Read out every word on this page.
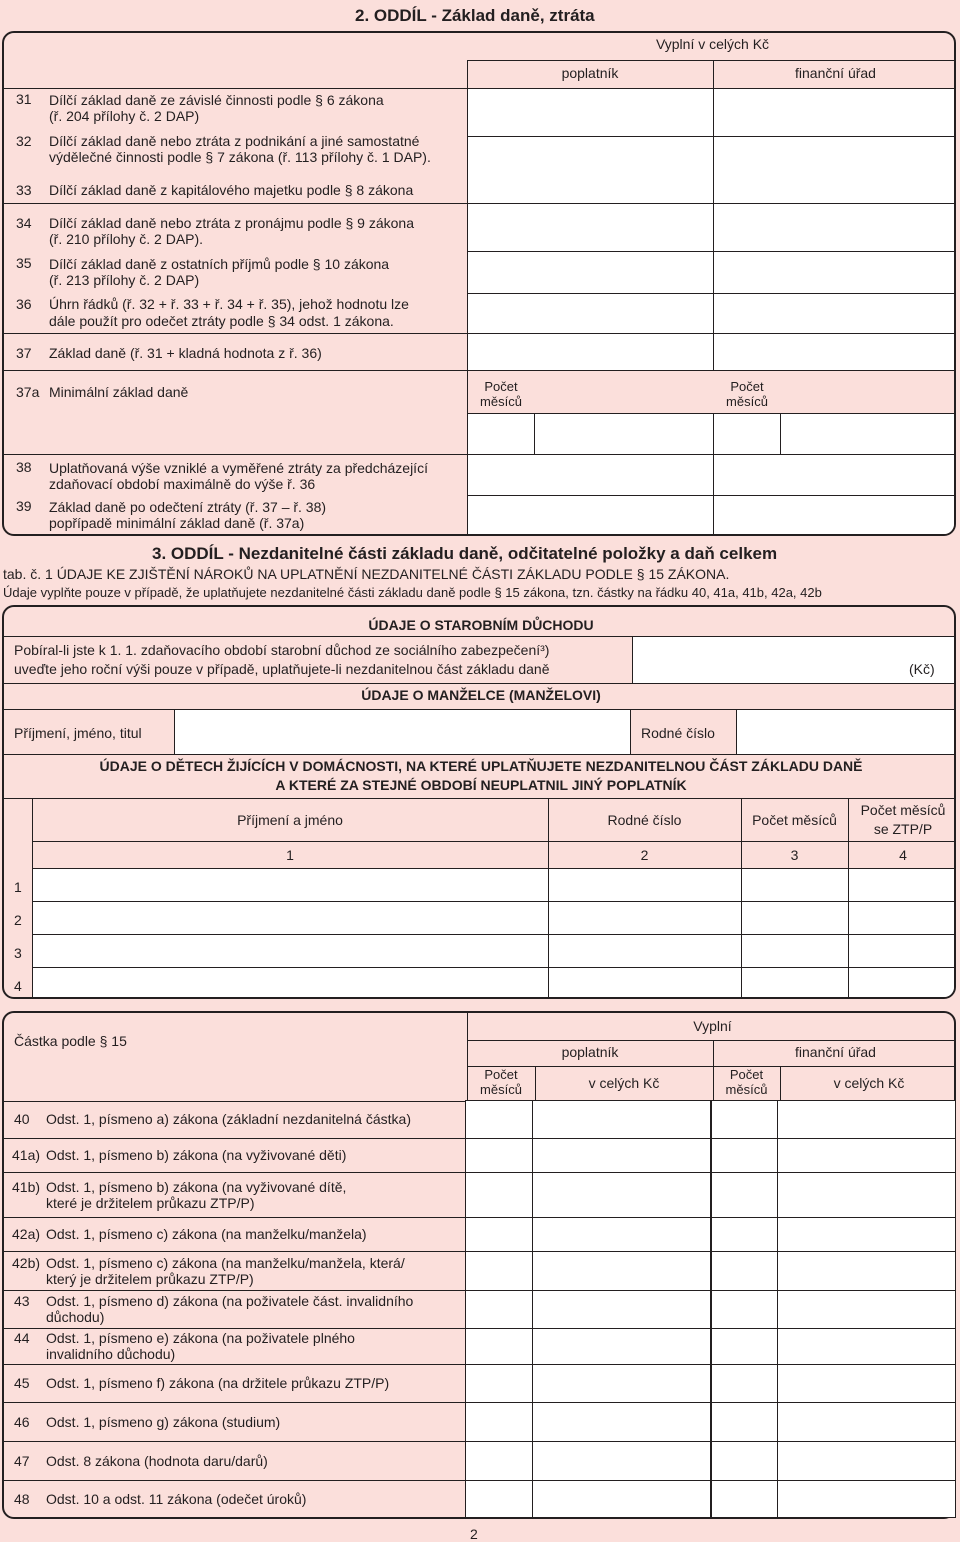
2. ODDÍL - Základ daně, ztráta
Vyplní v celých Kč
poplatník	finanční úřad
31 Dílčí základ daně ze závislé činnosti podle § 6 zákona
(ř. 204 přílohy č. 2 DAP)
32 Dílčí základ daně nebo ztráta z podnikání a jiné samostatné
výdělečné činnosti podle § 7 zákona (ř. 113 přílohy č. 1 DAP).
33 Dílčí základ daně z kapitálového majetku podle § 8 zákona
34 Dílčí základ daně nebo ztráta z pronájmu podle § 9 zákona
(ř. 210 přílohy č. 2 DAP).
35 Dílčí základ daně z ostatních příjmů podle § 10 zákona
(ř. 213 přílohy č. 2 DAP)
36 Úhrn řádků (ř. 32 + ř. 33 + ř. 34 + ř. 35), jehož hodnotu lze
dále použít pro odečet ztráty podle § 34 odst. 1 zákona.
37 Základ daně (ř. 31 + kladná hodnota z ř. 36)
37a Minimální základ daně
38 Uplatňovaná výše vzniklé a vyměřené ztráty za předcházející
zdaňovací období maximálně do výše ř. 36
39 Základ daně po odečtení ztráty (ř. 37 – ř. 38)
popřípadě minimální základ daně (ř. 37a)
Počet
měsíců
Počet
měsíců
3. ODDÍL - Nezdanitelné části základu daně, odčitatelné položky a daň celkem
tab. č. 1 ÚDAJE KE ZJIŠTĚNÍ NÁROKŮ NA UPLATNĚNÍ NEZDANITELNÉ ČÁSTI ZÁKLADU PODLE § 15 ZÁKONA.
Údaje vyplňte pouze v případě, že uplatňujete nezdanitelné části základu daně podle § 15 zákona, tzn. částky na řádku 40, 41a, 41b, 42a, 42b
ÚDAJE O STAROBNÍM DŮCHODU
Pobíral-li jste k 1. 1. zdaňovacího období starobní důchod ze sociálního zabezpečení³)
uveďte jeho roční výši pouze v případě, uplatňujete-li nezdanitelnou část základu daně	(Kč)
ÚDAJE O MANŽELCE (MANŽELOVI)
Příjmení, jméno, titul	Rodné číslo
ÚDAJE O DĚTECH ŽIJÍCÍCH V DOMÁCNOSTI, NA KTERÉ UPLATŇUJETE NEZDANITELNOU ČÁST ZÁKLADU DANĚ
A KTERÉ ZA STEJNÉ OBDOBÍ NEUPLATNIL JINÝ POPLATNÍK
Příjmení a jméno	Rodné číslo	Počet měsíců
Počet měsíců
se ZTP/P
1	2	3	4
1
2
3
4
Částka podle § 15
Vyplní
poplatník	finanční úřad
Počet
měsíců	v celých Kč
Počet
měsíců	v celých Kč
40 Odst. 1, písmeno a) zákona (základní nezdanitelná částka)
41a) Odst. 1, písmeno b) zákona (na vyživované děti)
41b) Odst. 1, písmeno b) zákona (na vyživované dítě,
které je držitelem průkazu ZTP/P)
42a) Odst. 1, písmeno c) zákona (na manželku/manžela)
42b) Odst. 1, písmeno c) zákona (na manželku/manžela, která/
který je držitelem průkazu ZTP/P)
43 Odst. 1, písmeno d) zákona (na poživatele část. invalidního
důchodu)
44 Odst. 1, písmeno e) zákona (na poživatele plného
invalidního důchodu)
45 Odst. 1, písmeno f) zákona (na držitele průkazu ZTP/P)
46 Odst. 1, písmeno g) zákona (studium)
47 Odst. 8 zákona (hodnota daru/darů)
48 Odst. 10 a odst. 11 zákona (odečet úroků)
2
